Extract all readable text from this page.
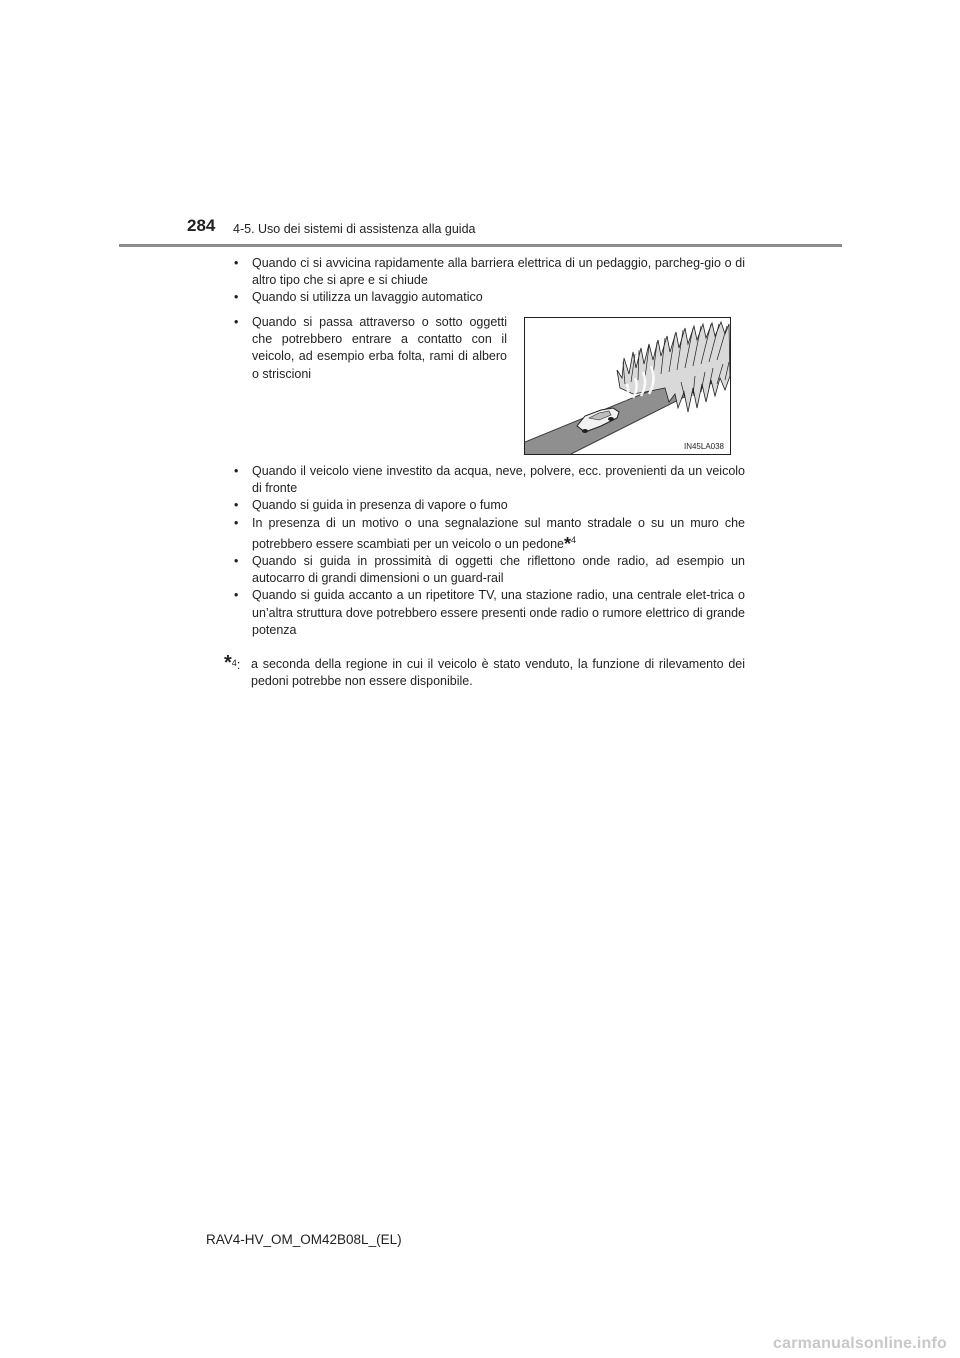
284 4-5. Uso dei sistemi di assistenza alla guida
• Quando ci si avvicina rapidamente alla barriera elettrica di un pedaggio, parcheg-gio o di altro tipo che si apre e si chiude
• Quando si utilizza un lavaggio automatico
• Quando si passa attraverso o sotto oggetti che potrebbero entrare a contatto con il veicolo, ad esempio erba folta, rami di albero o striscioni
IN45LA038
• Quando il veicolo viene investito da acqua, neve, polvere, ecc. provenienti da un veicolo di fronte
• Quando si guida in presenza di vapore o fumo
• In presenza di un motivo o una segnalazione sul manto stradale o su un muro che potrebbero essere scambiati per un veicolo o un pedone*$^4$
• Quando si guida in prossimità di oggetti che riflettono onde radio, ad esempio un autocarro di grandi dimensioni o un guard-rail
• Quando si guida accanto a un ripetitore TV, una stazione radio, una centrale elet-trica o un’altra struttura dove potrebbero essere presenti onde radio o rumore elettrico di grande potenza
*$^4$: a seconda della regione in cui il veicolo è stato venduto, la funzione di rilevamento dei pedoni potrebbe non essere disponibile.
RAV4-HV_OM_OM42B08L_(EL)
carmanualsonline.info
